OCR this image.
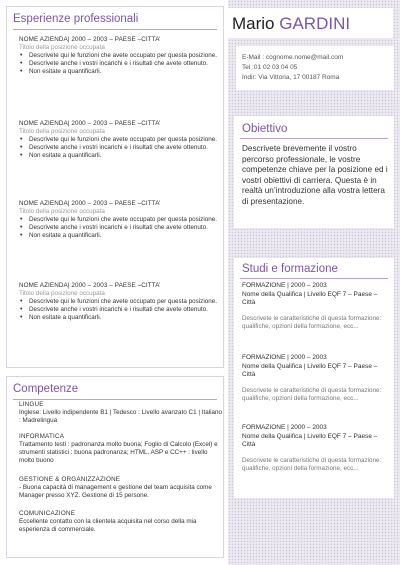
Esperienze professionali
NOME AZIENDA| 2000 – 2003 – PAESE –CITTA’
Titolo della posizione occupata
• Descrivete qui le funzioni che avete occupato per questa posizione.
• Descrivete anche i vostri incarichi e i risultati che avete ottenuto.
• Non esitate a quantificarli.
NOME AZIENDA| 2000 – 2003 – PAESE –CITTA’
Titolo della posizione occupata
• Descrivete qui le funzioni che avete occupato per questa posizione.
• Descrivete anche i vostri incarichi e i risultati che avete ottenuto.
• Non esitate a quantificarli.
NOME AZIENDA| 2000 – 2003 – PAESE –CITTA’
Titolo della posizione occupata
• Descrivete qui le funzioni che avete occupato per questa posizione.
• Descrivete anche i vostri incarichi e i risultati che avete ottenuto.
• Non esitate a quantificarli.
NOME AZIENDA| 2000 – 2003 – PAESE –CITTA’
Titolo della posizione occupata
• Descrivete qui le funzioni che avete occupato per questa posizione.
• Descrivete anche i vostri incarichi e i risultati che avete ottenuto.
• Non esitate a quantificarli.
Competenze
LINGUE
Inglese: Livello indipendente B1 | Tedesco : Livello avanzato C1 | Italiano : Madrelingua
INFORMATICA
Trattamento testi : padronanza molto buona; Foglio di Calcolo (Excel) e strumenti statistici : buona padronanza; HTML, ASP e CC++ : livello molto buono
GESTIONE & ORGANIZZAZIONE
- Buona capacità di management e gestione del team acquisita come Manager presso XYZ. Gestione di 15 persone.
COMUNICAZIONE
Eccellente contatto con la clientela acquisita nel corso della mia esperienza di commerciale.
Mario GARDINI
E-Mail : cognome.nome@mail.com
Tel :01 02 03 04 05
Indir: Via Vittoria, 17 00187 Roma
Obiettivo
Descrivete brevemente il vostro percorso professionale, le vostre competenze chiave per la posizione ed i vostri obiettivi di carriera. Questa è in realtà un’introduzione alla vostra lettera di presentazione.
Studi e formazione
FORMAZIONE | 2000 – 2003
Nome della Qualifica | Livello EQF 7 – Paese – Città
Descrivete le caratteristiche di questa formazione: qualifiche, opzioni della formazione, ecc...
FORMAZIONE | 2000 – 2003
Nome della Qualifica | Livello EQF 7 – Paese – Città
Descrivete le caratteristiche di questa formazione: qualifiche, opzioni della formazione, ecc...
FORMAZIONE | 2000 – 2003
Nome della Qualifica | Livello EQF 7 – Paese – Città
Descrivete le caratteristiche di questa formazione: qualifiche, opzioni della formazione, ecc...
